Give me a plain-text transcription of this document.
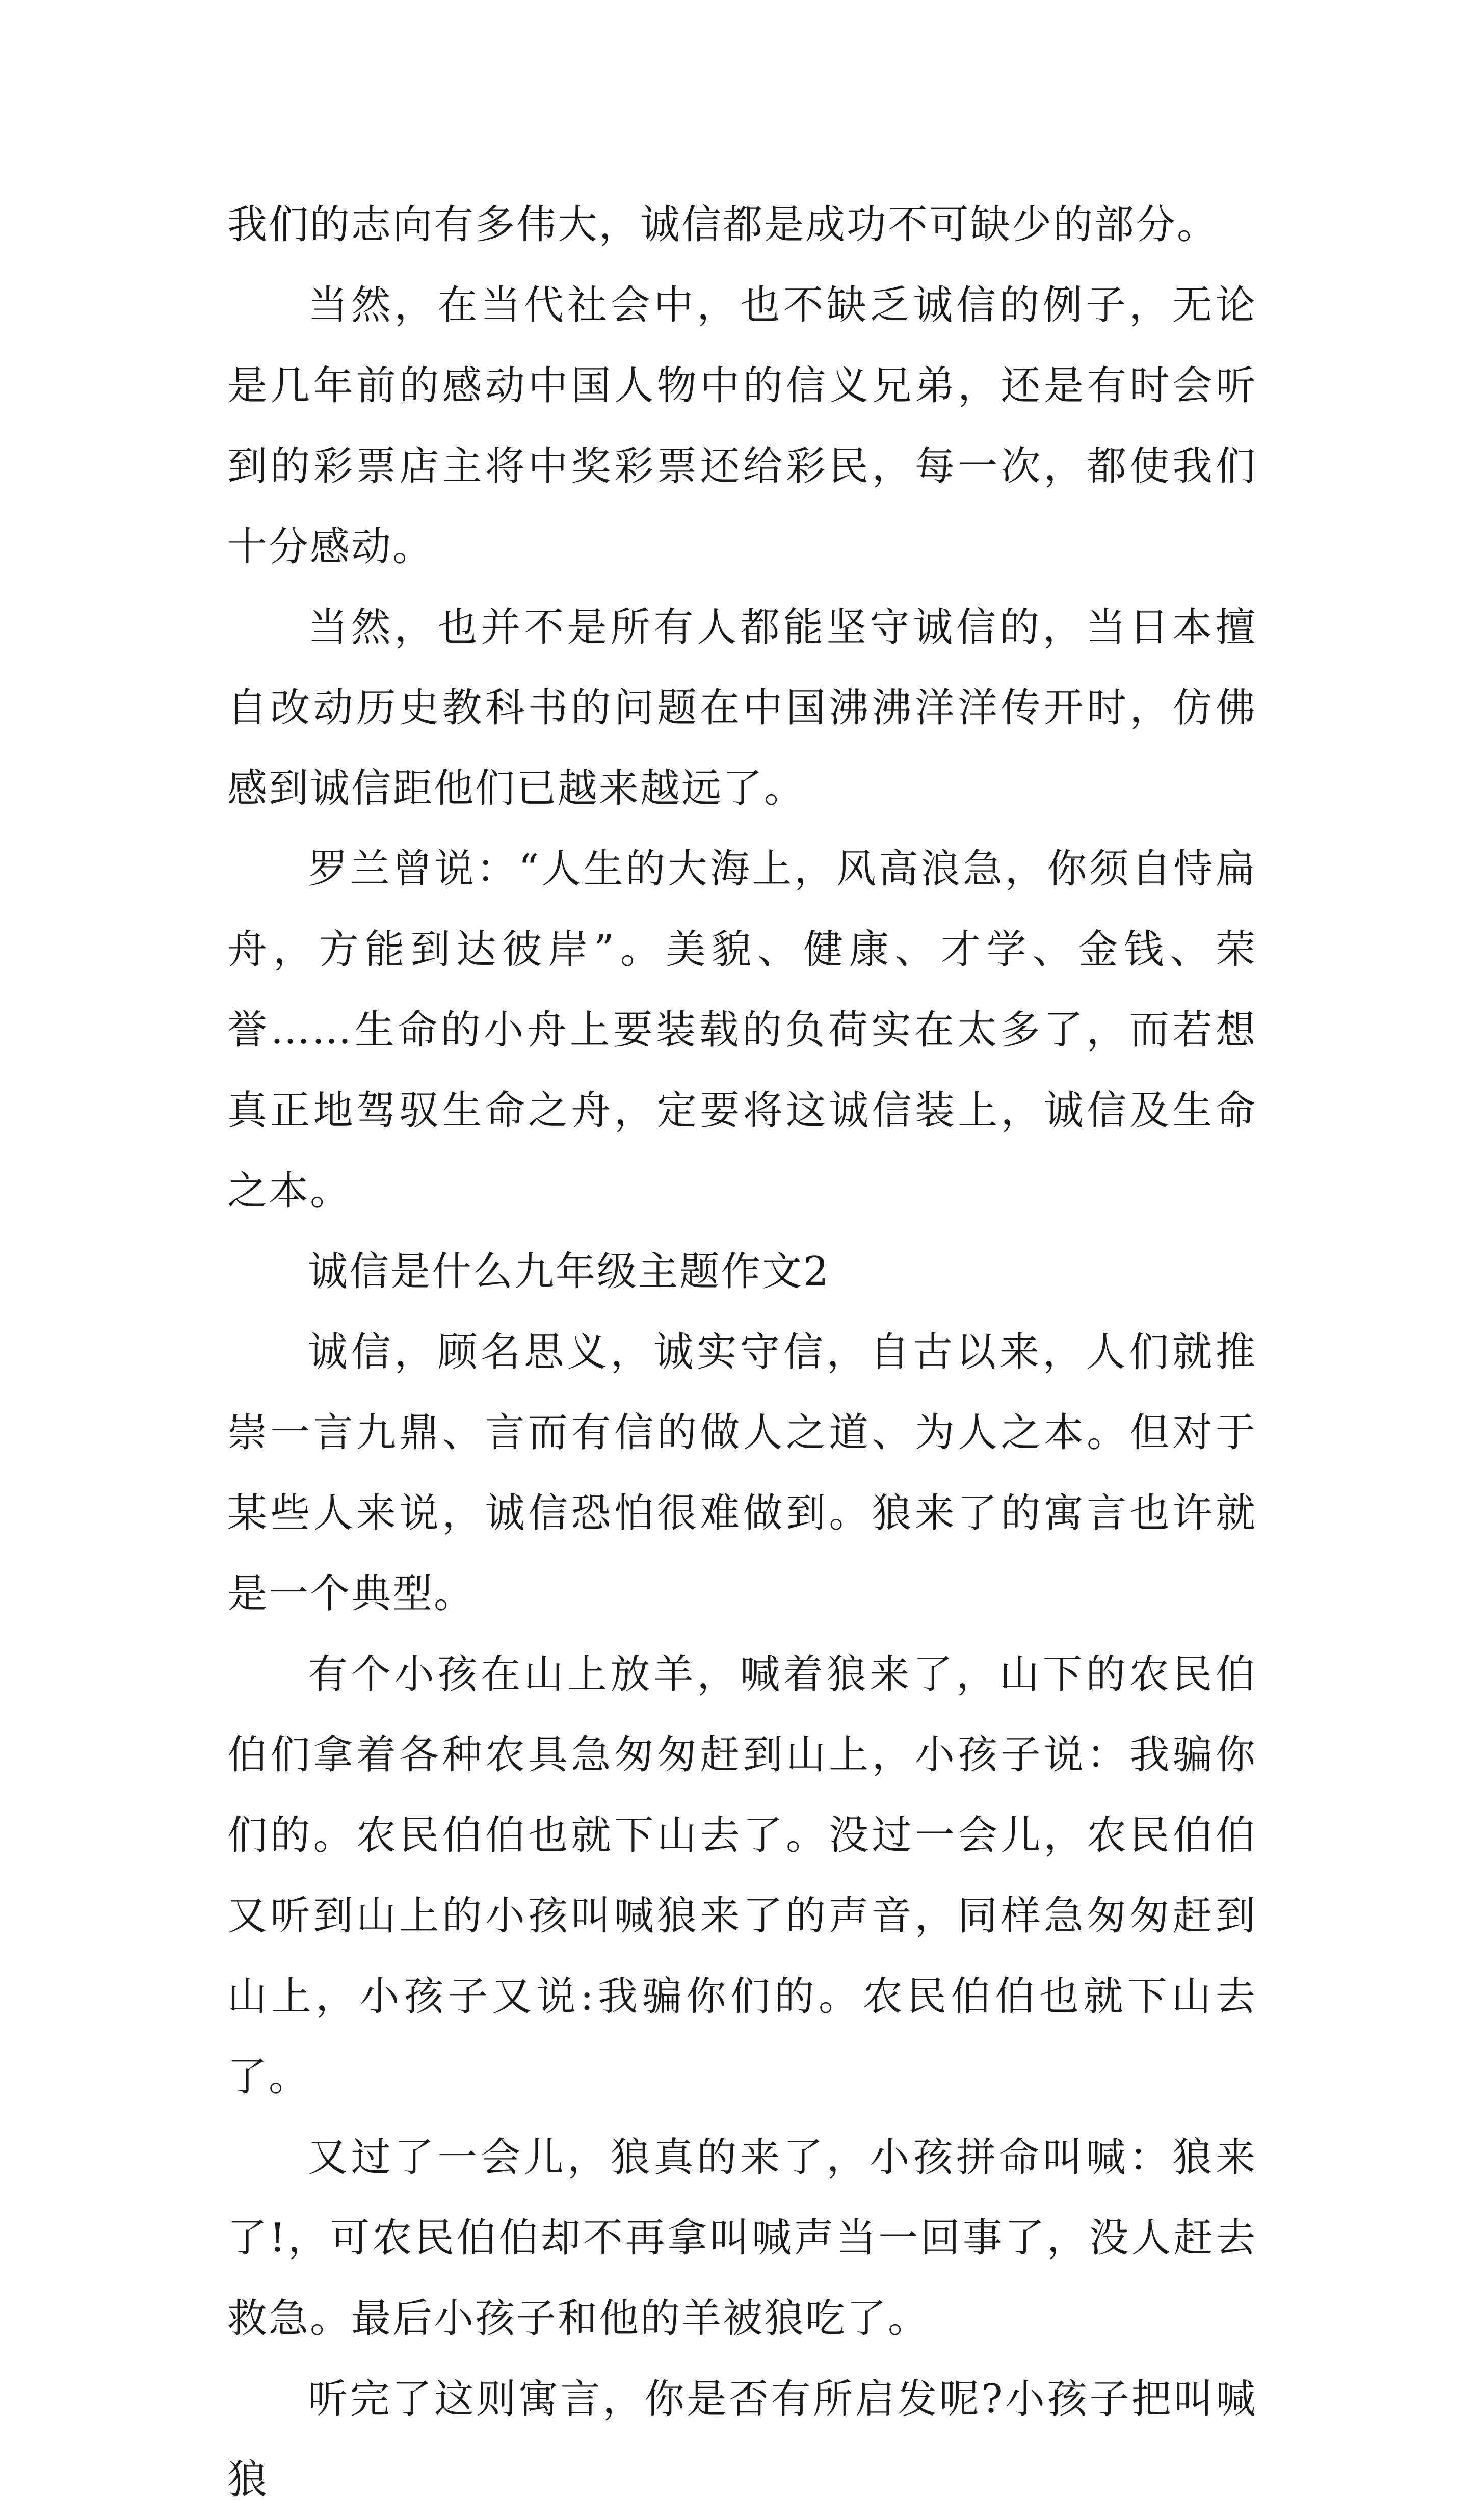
我们的志向有多伟大，诚信都是成功不可缺少的部分。

当然，在当代社会中，也不缺乏诚信的例子，无论是几年前的感动中国人物中的信义兄弟，还是有时会听到的彩票店主将中奖彩票还给彩民，每一次，都使我们十分感动。

当然，也并不是所有人都能坚守诚信的，当日本擅自改动历史教科书的问题在中国沸沸洋洋传开时，仿佛感到诚信距他们已越来越远了。

罗兰曾说：“人生的大海上，风高浪急，你须自恃扁舟，方能到达彼岸”。美貌、健康、才学、金钱、荣誉……生命的小舟上要装载的负荷实在太多了，而若想真正地驾驭生命之舟，定要将这诚信装上，诚信及生命之本。

诚信是什么九年级主题作文2

诚信，顾名思义，诚实守信，自古以来，人们就推崇一言九鼎、言而有信的做人之道、为人之本。但对于某些人来说，诚信恐怕很难做到。狼来了的寓言也许就是一个典型。

有个小孩在山上放羊，喊着狼来了，山下的农民伯伯们拿着各种农具急匆匆赶到山上，小孩子说：我骗你们的。农民伯伯也就下山去了。没过一会儿，农民伯伯又听到山上的小孩叫喊狼来了的声音，同样急匆匆赶到山上，小孩子又说:我骗你们的。农民伯伯也就下山去了。

又过了一会儿，狼真的来了，小孩拼命叫喊：狼来了!，可农民伯伯却不再拿叫喊声当一回事了，没人赶去救急。最后小孩子和他的羊被狼吃了。

听完了这则寓言，你是否有所启发呢?小孩子把叫喊狼
